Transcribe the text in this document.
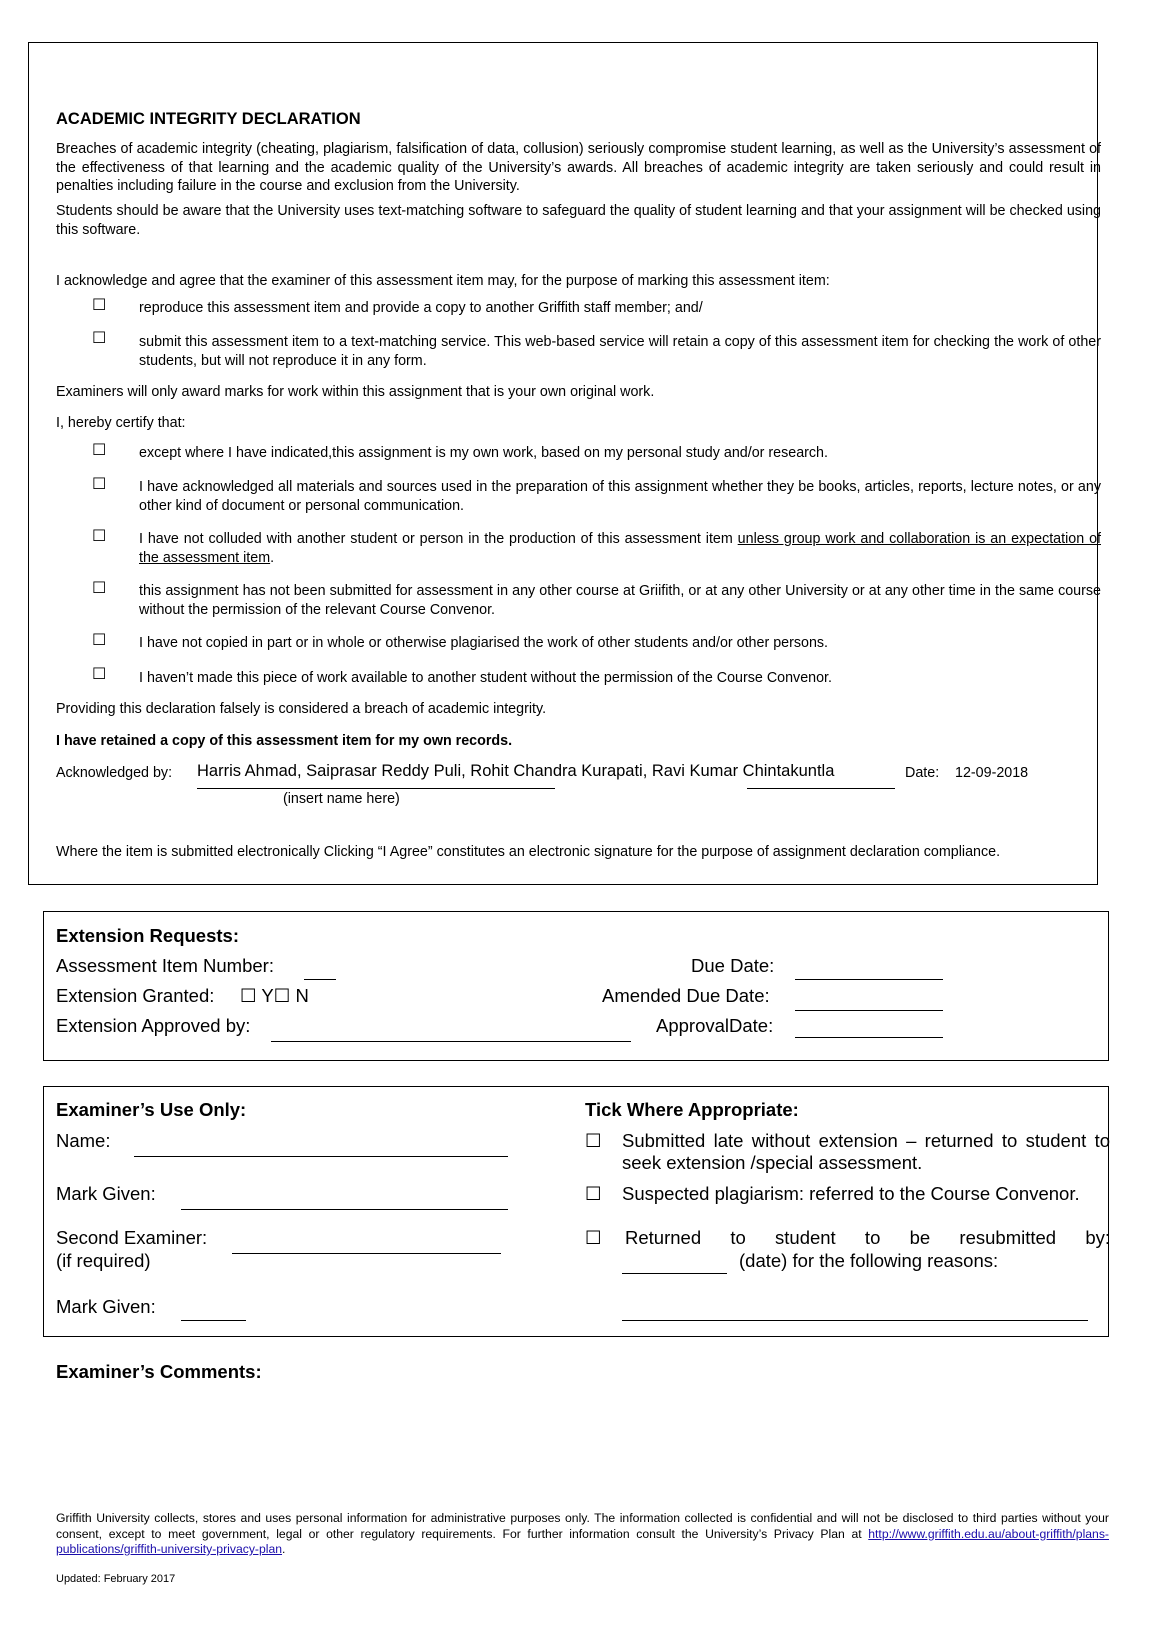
ACADEMIC INTEGRITY DECLARATION
Breaches of academic integrity (cheating, plagiarism, falsification of data, collusion) seriously compromise student learning, as well as the University’s assessment of the effectiveness of that learning and the academic quality of the University’s awards. All breaches of academic integrity are taken seriously and could result in penalties including failure in the course and exclusion from the University.
Students should be aware that the University uses text-matching software to safeguard the quality of student learning and that your assignment will be checked using this software.
I acknowledge and agree that the examiner of this assessment item may, for the purpose of marking this assessment item:
☐ reproduce this assessment item and provide a copy to another Griffith staff member; and/
☐ submit this assessment item to a text-matching service. This web-based service will retain a copy of this assessment item for checking the work of other students, but will not reproduce it in any form.
Examiners will only award marks for work within this assignment that is your own original work.
I, hereby certify that:
☐ except where I have indicated,this assignment is my own work, based on my personal study and/or research.
☐ I have acknowledged all materials and sources used in the preparation of this assignment whether they be books, articles, reports, lecture notes, or any other kind of document or personal communication.
☐ I have not colluded with another student or person in the production of this assessment item unless group work and collaboration is an expectation of the assessment item.
☐ this assignment has not been submitted for assessment in any other course at Griifith, or at any other University or at any other time in the same course without the permission of the relevant Course Convenor.
☐ I have not copied in part or in whole or otherwise plagiarised the work of other students and/or other persons.
☐ I haven’t made this piece of work available to another student without the permission of the Course Convenor.
Providing this declaration falsely is considered a breach of academic integrity.
I have retained a copy of this assessment item for my own records.
Acknowledged by: Harris Ahmad, Saiprasar Reddy Puli, Rohit Chandra Kurapati, Ravi Kumar Chintakuntla	Date: 12-09-2018
(insert name here)
Where the item is submitted electronically Clicking “I Agree” constitutes an electronic signature for the purpose of assignment declaration compliance.
Extension Requests:
Assessment Item Number:	Due Date:
Extension Granted: ☐ Y☐ N	Amended Due Date:
Extension Approved by:	ApprovalDate:
Examiner’s Use Only:
Name:
Mark Given:
Second Examiner:
(if required)
Mark Given:
Tick Where Appropriate:
☐ Submitted late without extension – returned to student to seek extension /special assessment.
☐ Suspected plagiarism: referred to the Course Convenor.
☐ Returned to student to be resubmitted by:
(date) for the following reasons:
Examiner’s Comments:
Griffith University collects, stores and uses personal information for administrative purposes only. The information collected is confidential and will not be disclosed to third parties without your consent, except to meet government, legal or other regulatory requirements. For further information consult the University’s Privacy Plan at http://www.griffith.edu.au/about-griffith/plans-publications/griffith-university-privacy-plan.
Updated: February 2017
